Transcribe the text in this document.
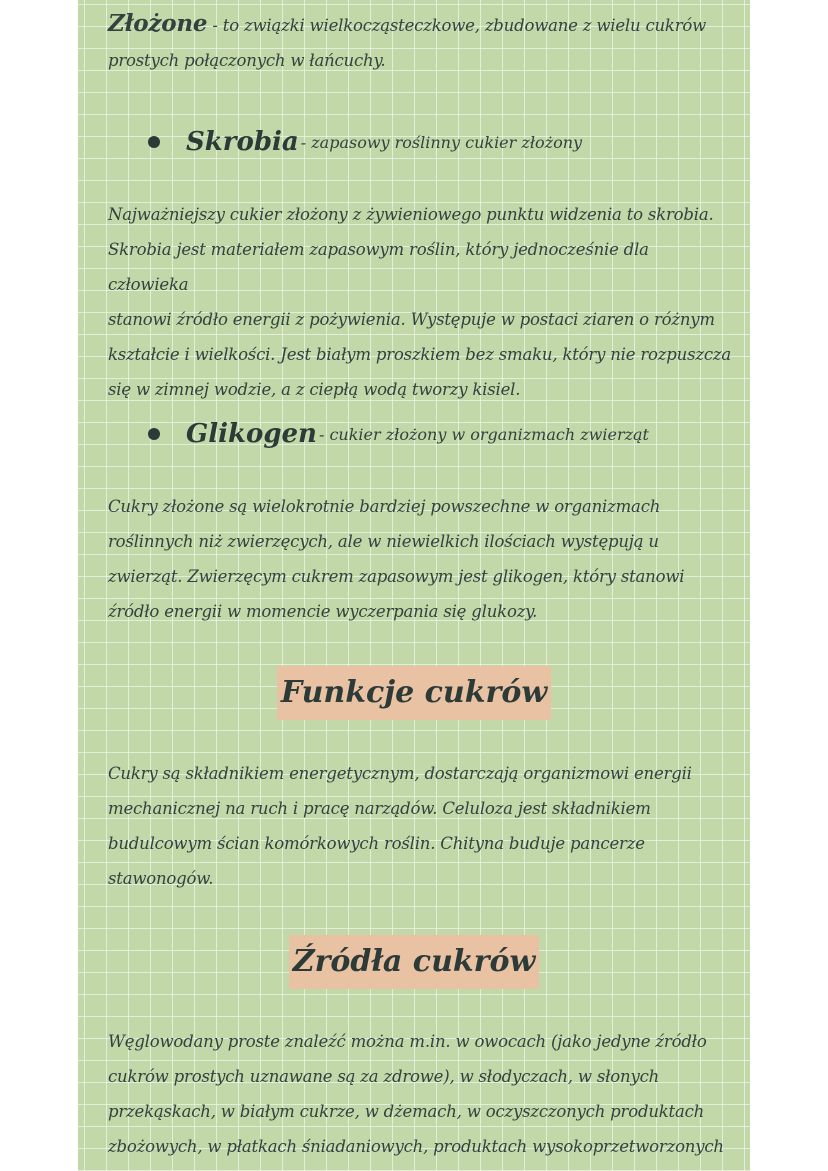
Złożone - to związki wielkocząsteczkowe, zbudowane z wielu cukrów
prostych połączonych w łańcuchy.

Skrobia - zapasowy roślinny cukier złożony

Najważniejszy cukier złożony z żywieniowego punktu widzenia to skrobia.
Skrobia jest materiałem zapasowym roślin, który jednocześnie dla człowieka
stanowi źródło energii z pożywienia. Występuje w postaci ziaren o różnym
kształcie i wielkości. Jest białym proszkiem bez smaku, który nie rozpuszcza
się w zimnej wodzie, a z ciepłą wodą tworzy kisiel.

Glikogen - cukier złożony w organizmach zwierząt

Cukry złożone są wielokrotnie bardziej powszechne w organizmach
roślinnych niż zwierzęcych, ale w niewielkich ilościach występują u
zwierząt. Zwierzęcym cukrem zapasowym jest glikogen, który stanowi
źródło energii w momencie wyczerpania się glukozy.

Funkcje cukrów

Cukry są składnikiem energetycznym, dostarczają organizmowi energii
mechanicznej na ruch i pracę narządów. Celuloza jest składnikiem
budulcowym ścian komórkowych roślin. Chityna buduje pancerze
stawonogów.

Źródła cukrów

Węglowodany proste znaleźć można m.in. w owocach (jako jedyne źródło
cukrów prostych uznawane są za zdrowe), w słodyczach, w słonych
przekąskach, w białym cukrze, w dżemach, w oczyszczonych produktach
zbożowych, w płatkach śniadaniowych, produktach wysokoprzetworzonych
